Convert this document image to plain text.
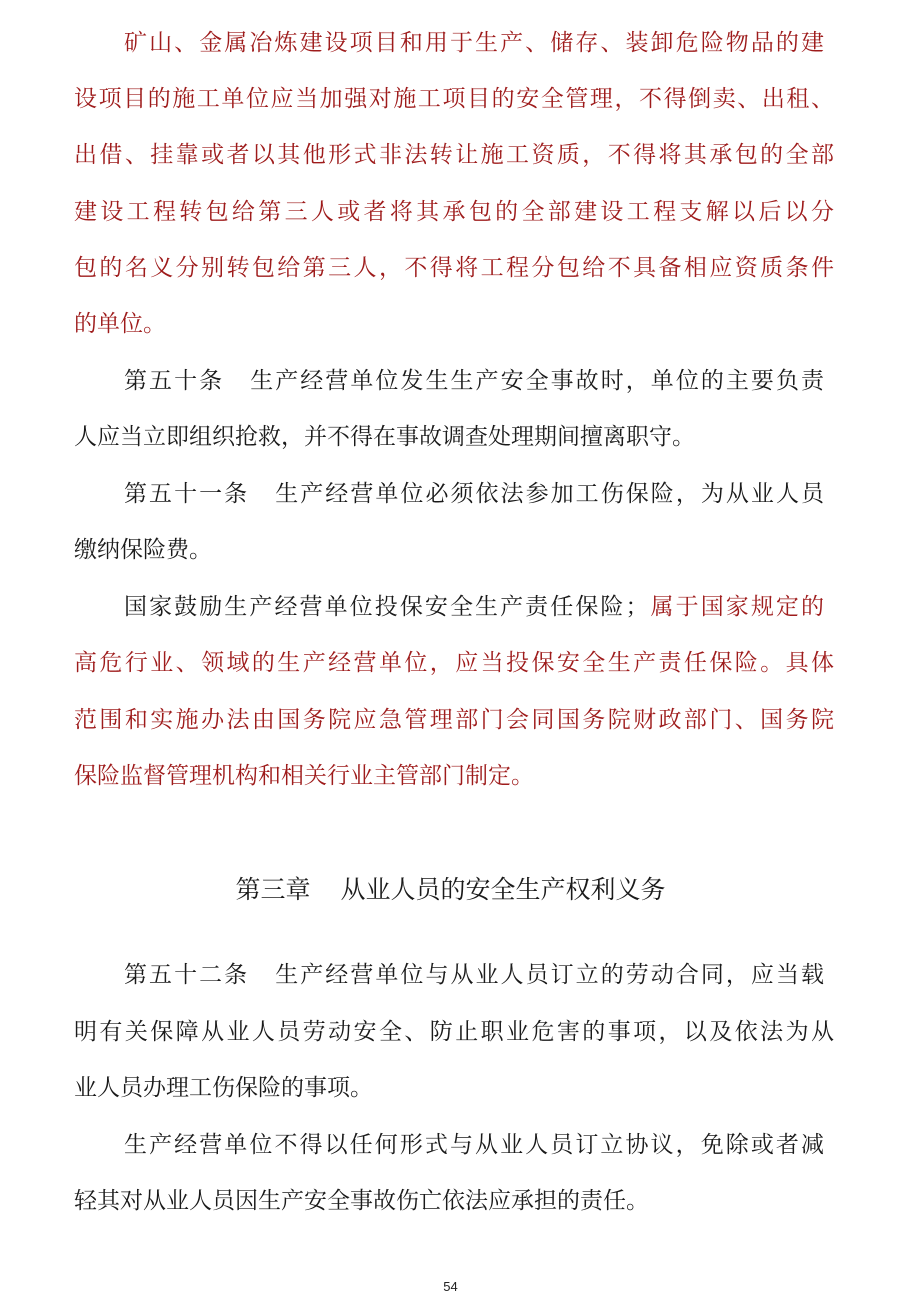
矿山、金属冶炼建设项目和用于生产、储存、装卸危险物品的建
设项目的施工单位应当加强对施工项目的安全管理，不得倒卖、出租、
出借、挂靠或者以其他形式非法转让施工资质，不得将其承包的全部
建设工程转包给第三人或者将其承包的全部建设工程支解以后以分
包的名义分别转包给第三人，不得将工程分包给不具备相应资质条件
的单位。
第五十条 生产经营单位发生生产安全事故时，单位的主要负责
人应当立即组织抢救，并不得在事故调查处理期间擅离职守。
第五十一条 生产经营单位必须依法参加工伤保险，为从业人员
缴纳保险费。
国家鼓励生产经营单位投保安全生产责任保险；属于国家规定的
高危行业、领域的生产经营单位，应当投保安全生产责任保险。具体
范围和实施办法由国务院应急管理部门会同国务院财政部门、国务院
保险监督管理机构和相关行业主管部门制定。
第三章 从业人员的安全生产权利义务
第五十二条 生产经营单位与从业人员订立的劳动合同，应当载
明有关保障从业人员劳动安全、防止职业危害的事项，以及依法为从
业人员办理工伤保险的事项。
生产经营单位不得以任何形式与从业人员订立协议，免除或者减
轻其对从业人员因生产安全事故伤亡依法应承担的责任。
54
